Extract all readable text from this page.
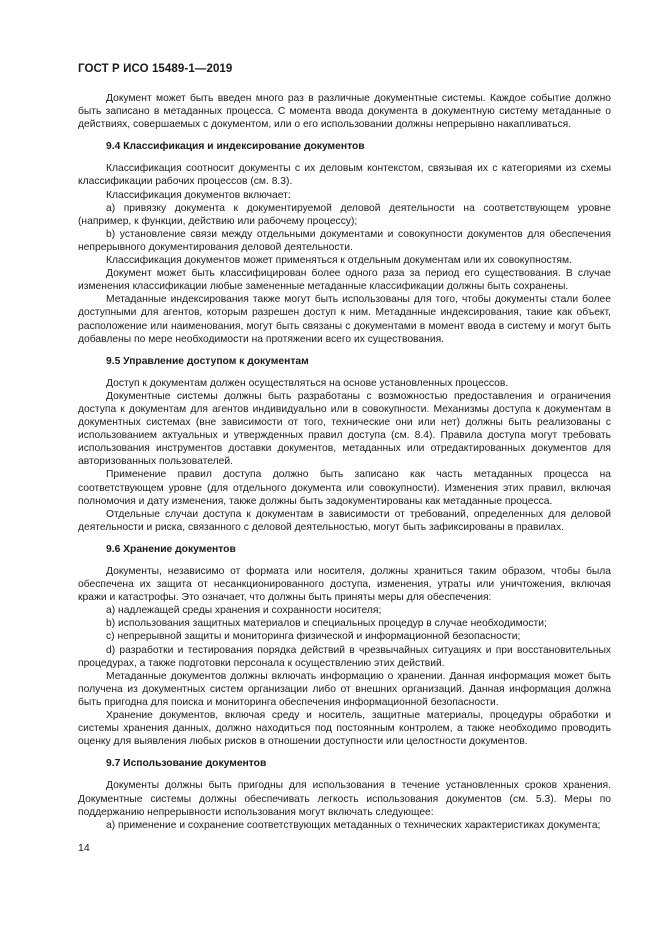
ГОСТ Р ИСО 15489-1—2019

Документ может быть введен много раз в различные документные системы. Каждое событие должно быть записано в метаданных процесса. С момента ввода документа в документную систему метаданные о действиях, совершаемых с документом, или о его использовании должны непрерывно накапливаться.

9.4 Классификация и индексирование документов

Классификация соотносит документы с их деловым контекстом, связывая их с категориями из схемы классификации рабочих процессов (см. 8.3).

Классификация документов включает:

a) привязку документа к документируемой деловой деятельности на соответствующем уровне (например, к функции, действию или рабочему процессу);

b) установление связи между отдельными документами и совокупности документов для обеспечения непрерывного документирования деловой деятельности.

Классификация документов может применяться к отдельным документам или их совокупностям.

Документ может быть классифицирован более одного раза за период его существования. В случае изменения классификации любые замененные метаданные классификации должны быть сохранены.

Метаданные индексирования также могут быть использованы для того, чтобы документы стали более доступными для агентов, которым разрешен доступ к ним. Метаданные индексирования, такие как объект, расположение или наименования, могут быть связаны с документами в момент ввода в систему и могут быть добавлены по мере необходимости на протяжении всего их существования.

9.5 Управление доступом к документам

Доступ к документам должен осуществляться на основе установленных процессов.

Документные системы должны быть разработаны с возможностью предоставления и ограничения доступа к документам для агентов индивидуально или в совокупности. Механизмы доступа к документам в документных системах (вне зависимости от того, технические они или нет) должны быть реализованы с использованием актуальных и утвержденных правил доступа (см. 8.4). Правила доступа могут требовать использования инструментов доставки документов, метаданных или отредактированных документов для авторизованных пользователей.

Применение правил доступа должно быть записано как часть метаданных процесса на соответствующем уровне (для отдельного документа или совокупности). Изменения этих правил, включая полномочия и дату изменения, также должны быть задокументированы как метаданные процесса.

Отдельные случаи доступа к документам в зависимости от требований, определенных для деловой деятельности и риска, связанного с деловой деятельностью, могут быть зафиксированы в правилах.

9.6 Хранение документов

Документы, независимо от формата или носителя, должны храниться таким образом, чтобы была обеспечена их защита от несанкционированного доступа, изменения, утраты или уничтожения, включая кражи и катастрофы. Это означает, что должны быть приняты меры для обеспечения:

a) надлежащей среды хранения и сохранности носителя;

b) использования защитных материалов и специальных процедур в случае необходимости;

c) непрерывной защиты и мониторинга физической и информационной безопасности;

d) разработки и тестирования порядка действий в чрезвычайных ситуациях и при восстановительных процедурах, а также подготовки персонала к осуществлению этих действий.

Метаданные документов должны включать информацию о хранении. Данная информация может быть получена из документных систем организации либо от внешних организаций. Данная информация должна быть пригодна для поиска и мониторинга обеспечения информационной безопасности.

Хранение документов, включая среду и носитель, защитные материалы, процедуры обработки и системы хранения данных, должно находиться под постоянным контролем, а также необходимо проводить оценку для выявления любых рисков в отношении доступности или целостности документов.

9.7 Использование документов

Документы должны быть пригодны для использования в течение установленных сроков хранения. Документные системы должны обеспечивать легкость использования документов (см. 5.3). Меры по поддержанию непрерывности использования могут включать следующее:

a) применение и сохранение соответствующих метаданных о технических характеристиках документа;

14
